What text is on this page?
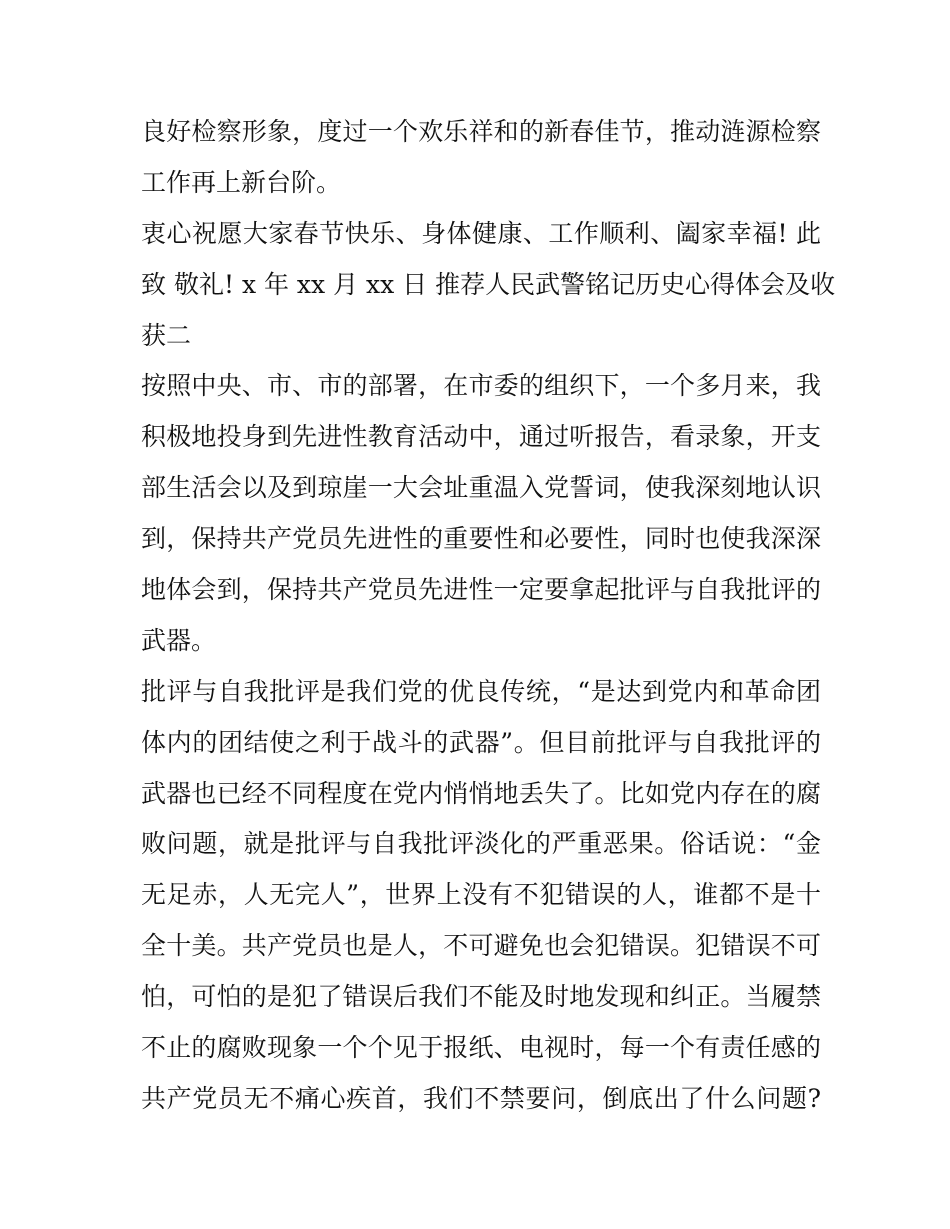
良好检察形象，度过一个欢乐祥和的新春佳节，推动涟源检察
工作再上新台阶。
衷心祝愿大家春节快乐、身体健康、工作顺利、阖家幸福! 此
致 敬礼! x 年 xx 月 xx 日 推荐人民武警铭记历史心得体会及收
获二
按照中央、市、市的部署，在市委的组织下，一个多月来，我
积极地投身到先进性教育活动中，通过听报告，看录象，开支
部生活会以及到琼崖一大会址重温入党誓词，使我深刻地认识
到，保持共产党员先进性的重要性和必要性，同时也使我深深
地体会到，保持共产党员先进性一定要拿起批评与自我批评的
武器。
批评与自我批评是我们党的优良传统，“是达到党内和革命团
体内的团结使之利于战斗的武器”。但目前批评与自我批评的
武器也已经不同程度在党内悄悄地丢失了。比如党内存在的腐
败问题，就是批评与自我批评淡化的严重恶果。俗话说：“金
无足赤，人无完人”，世界上没有不犯错误的人，谁都不是十
全十美。共产党员也是人，不可避免也会犯错误。犯错误不可
怕，可怕的是犯了错误后我们不能及时地发现和纠正。当履禁
不止的腐败现象一个个见于报纸、电视时，每一个有责任感的
共产党员无不痛心疾首，我们不禁要问，倒底出了什么问题?
